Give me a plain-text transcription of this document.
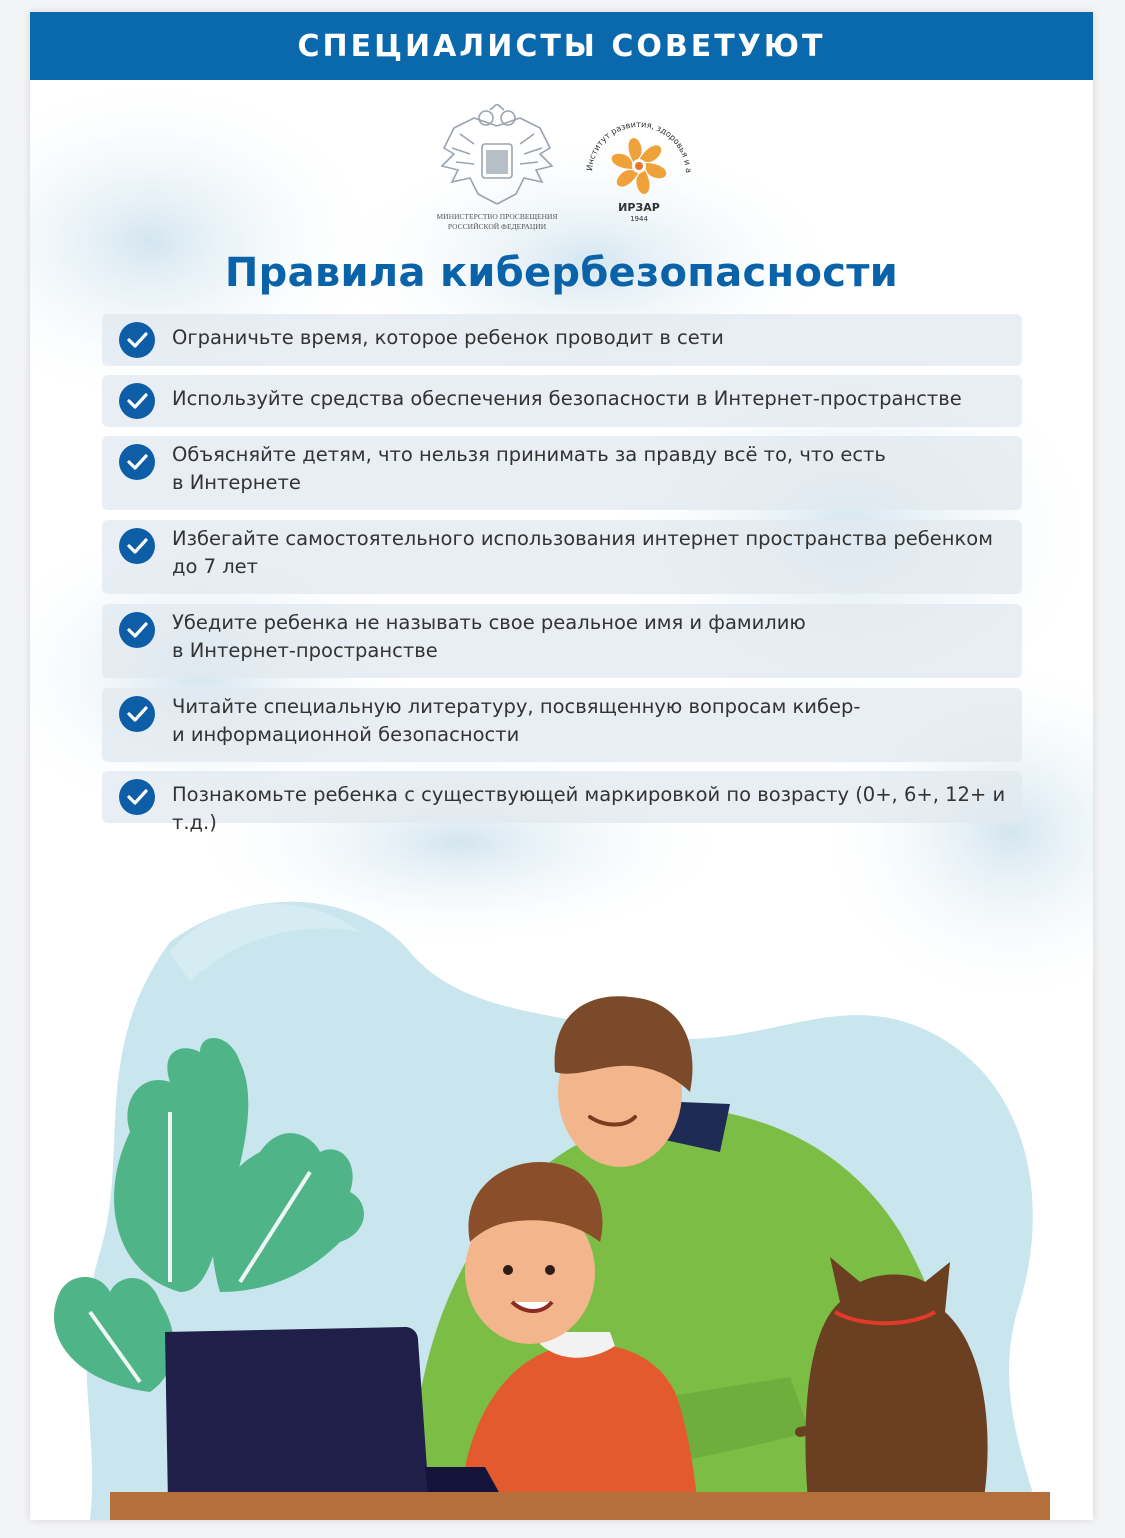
СПЕЦИАЛИСТЫ СОВЕТУЮТ
МИНИСТЕРСТВО ПРОСВЕЩЕНИЯ
РОССИЙСКОЙ ФЕДЕРАЦИИ
Институт развития, здоровья и а
ИРЗАР
1944
Правила кибербезопасности
Ограничьте время, которое ребенок проводит в сети
Используйте средства обеспечения безопасности в Интернет-пространстве
Объясняйте детям, что нельзя принимать за правду всё то, что есть
в Интернете
Избегайте самостоятельного использования интернет пространства ребенком
до 7 лет
Убедите ребенка не называть свое реальное имя и фамилию
в Интернет-пространстве
Читайте специальную литературу, посвященную вопросам кибер-
и информационной безопасности
Познакомьте ребенка с существующей маркировкой по возрасту (0+, 6+, 12+ и т.д.)
